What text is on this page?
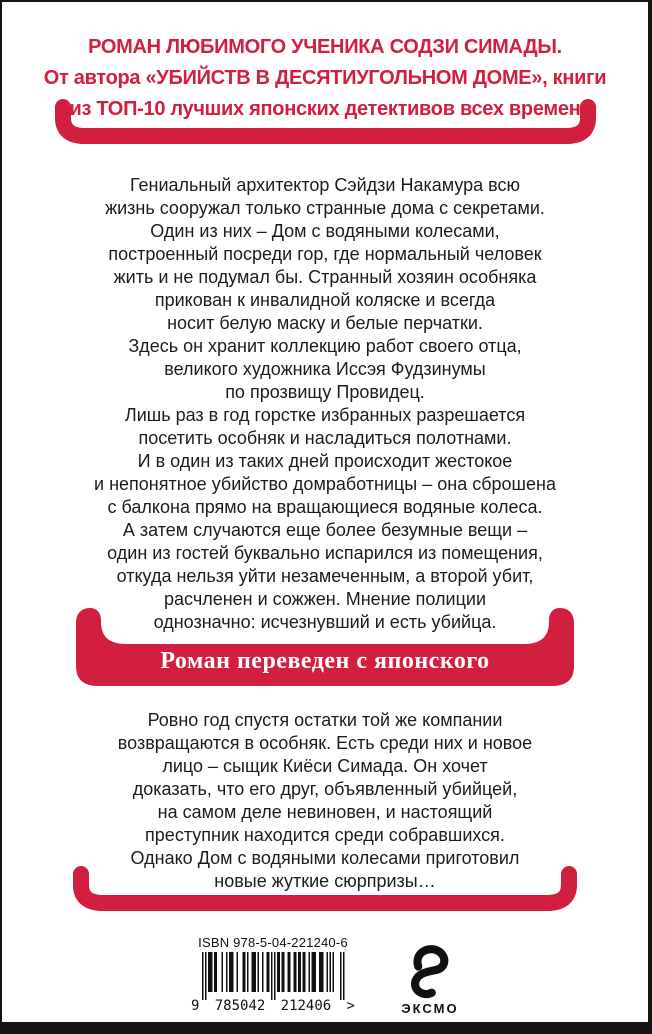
РОМАН ЛЮБИМОГО УЧЕНИКА СОДЗИ СИМАДЫ.
От автора «УБИЙСТВ В ДЕСЯТИУГОЛЬНОМ ДОМЕ», книги
из ТОП-10 лучших японских детективов всех времен
Гениальный архитектор Сэйдзи Накамура всю
жизнь сооружал только странные дома с секретами.
Один из них – Дом с водяными колесами,
построенный посреди гор, где нормальный человек
жить и не подумал бы. Странный хозяин особняка
прикован к инвалидной коляске и всегда
носит белую маску и белые перчатки.
Здесь он хранит коллекцию работ своего отца,
великого художника Иссэя Фудзинумы
по прозвищу Провидец.
Лишь раз в год горстке избранных разрешается
посетить особняк и насладиться полотнами.
И в один из таких дней происходит жестокое
и непонятное убийство домработницы – она сброшена
с балкона прямо на вращающиеся водяные колеса.
А затем случаются еще более безумные вещи –
один из гостей буквально испарился из помещения,
откуда нельзя уйти незамеченным, а второй убит,
расчленен и сожжен. Мнение полиции
однозначно: исчезнувший и есть убийца.
Роман переведен с японского
Ровно год спустя остатки той же компании
возвращаются в особняк. Есть среди них и новое
лицо – сыщик Киёси Симада. Он хочет
доказать, что его друг, объявленный убийцей,
на самом деле невиновен, и настоящий
преступник находится среди собравшихся.
Однако Дом с водяными колесами приготовил
новые жуткие сюрпризы…
ISBN 978-5-04-221240-6
9 785042 212406 >	ЭКСМО
